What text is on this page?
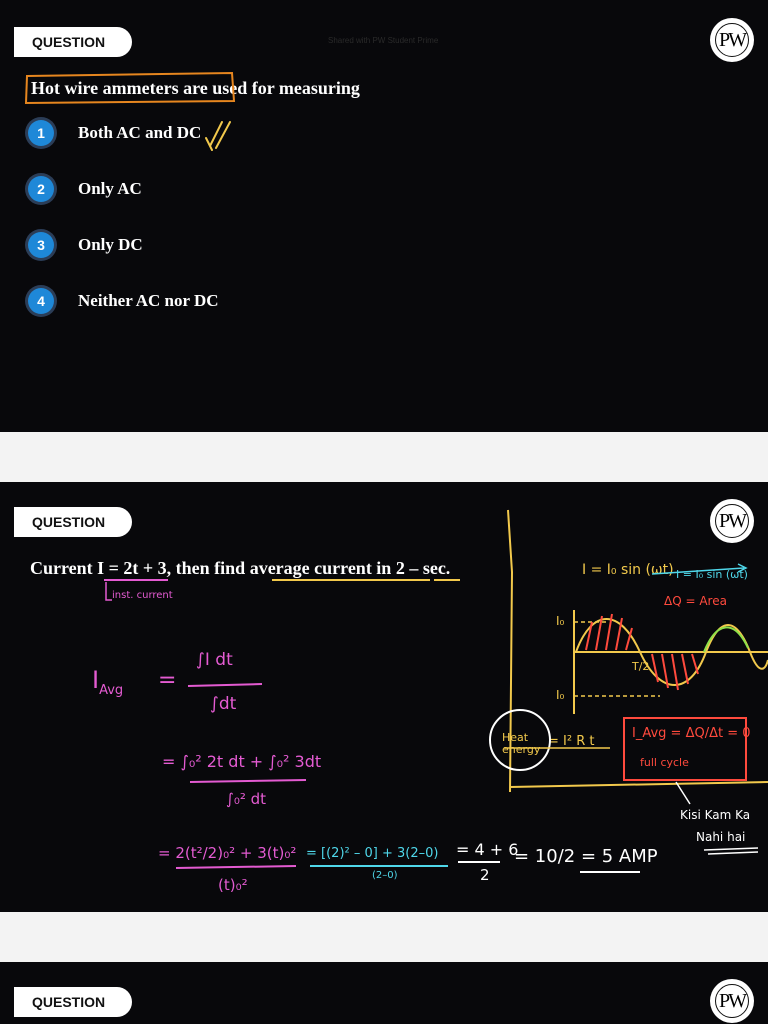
QUESTION	Shared with PW Student Prime	PW
Hot wire ammeters are used for measuring
1	Both AC and DC
2	Only AC
3	Only DC
4	Neither AC nor DC
QUESTION	PW
Current I = 2t + 3, then find average current in 2 – sec.
inst. current
$I_{Avg}$ =
∫I dt
∫dt
= ∫₀² 2t dt + ∫₀² 3dt
∫₀² dt
= 2(t²/2)₀² + 3(t)₀²
(t)₀²
= [(2)² – 0] + 3(2–0)
(2–0)
= 4 + 6
2
= 10/2 = 5 AMP
I = I₀ sin (ωt) I = I₀ sin (ωt)
ΔQ = Area
I₀
I₀
T/2
Heat energy
= I² R t
I_Avg = ΔQ/Δt = 0
full cycle
Kisi Kam Ka
Nahi hai
QUESTION	PW
